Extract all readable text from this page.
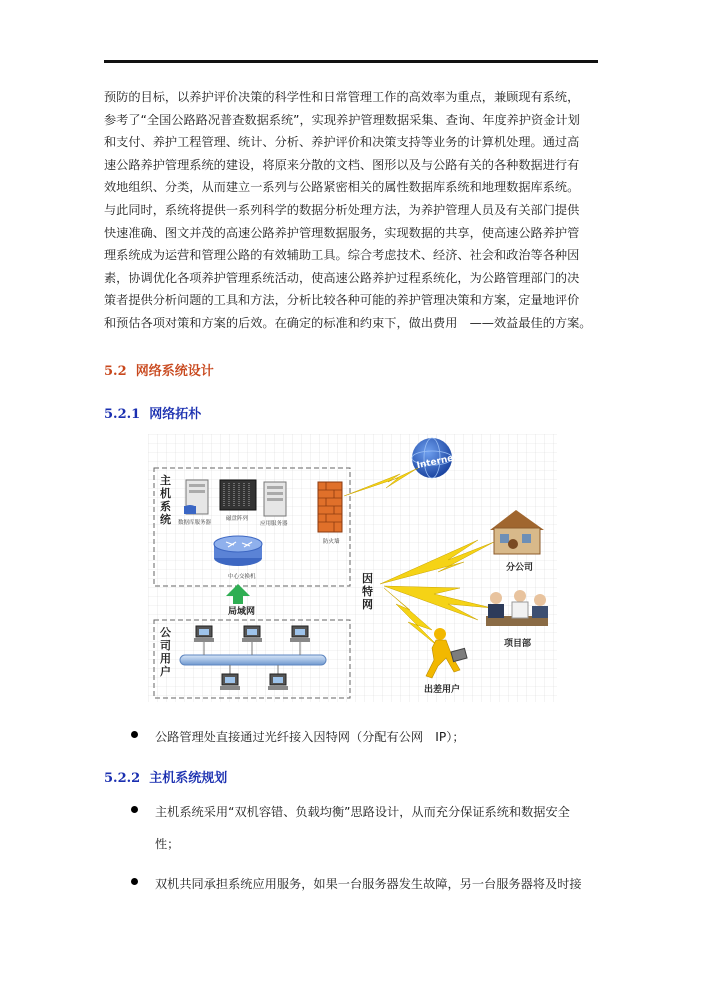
预防的目标，以养护评价决策的科学性和日常管理工作的高效率为重点，兼顾现有系统，
参考了“全国公路路况普查数据系统”，实现养护管理数据采集、查询、年度养护资金计划
和支付、养护工程管理、统计、分析、养护评价和决策支持等业务的计算机处理。通过高
速公路养护管理系统的建设，将原来分散的文档、图形以及与公路有关的各种数据进行有
效地组织、分类，从而建立一系列与公路紧密相关的属性数据库系统和地理数据库系统。
与此同时，系统将提供一系列科学的数据分析处理方法，为养护管理人员及有关部门提供
快速准确、图文并茂的高速公路养护管理数据服务，实现数据的共享，使高速公路养护管
理系统成为运营和管理公路的有效辅助工具。综合考虑技术、经济、社会和政治等各种因
素，协调优化各项养护管理系统活动，使高速公路养护过程系统化，为公路管理部门的决
策者提供分析问题的工具和方法，分析比较各种可能的养护管理决策和方案，定量地评价
和预估各项对策和方案的后效。在确定的标准和约束下，做出费用　——效益最佳的方案。
5.2 网络系统设计
5.2.1 网络拓朴
主机系统 数据库服务器
磁盘阵列
应用服务器
中心交换机
防火墙
Internet
因特网
分公司
项目部
出差用户
局域网
公司用户
公路管理处直接通过光纤接入因特网（分配有公网　IP）；
5.2.2 主机系统规划
主机系统采用“双机容错、负载均衡”思路设计，从而充分保证系统和数据安全
性；
双机共同承担系统应用服务，如果一台服务器发生故障，另一台服务器将及时接
